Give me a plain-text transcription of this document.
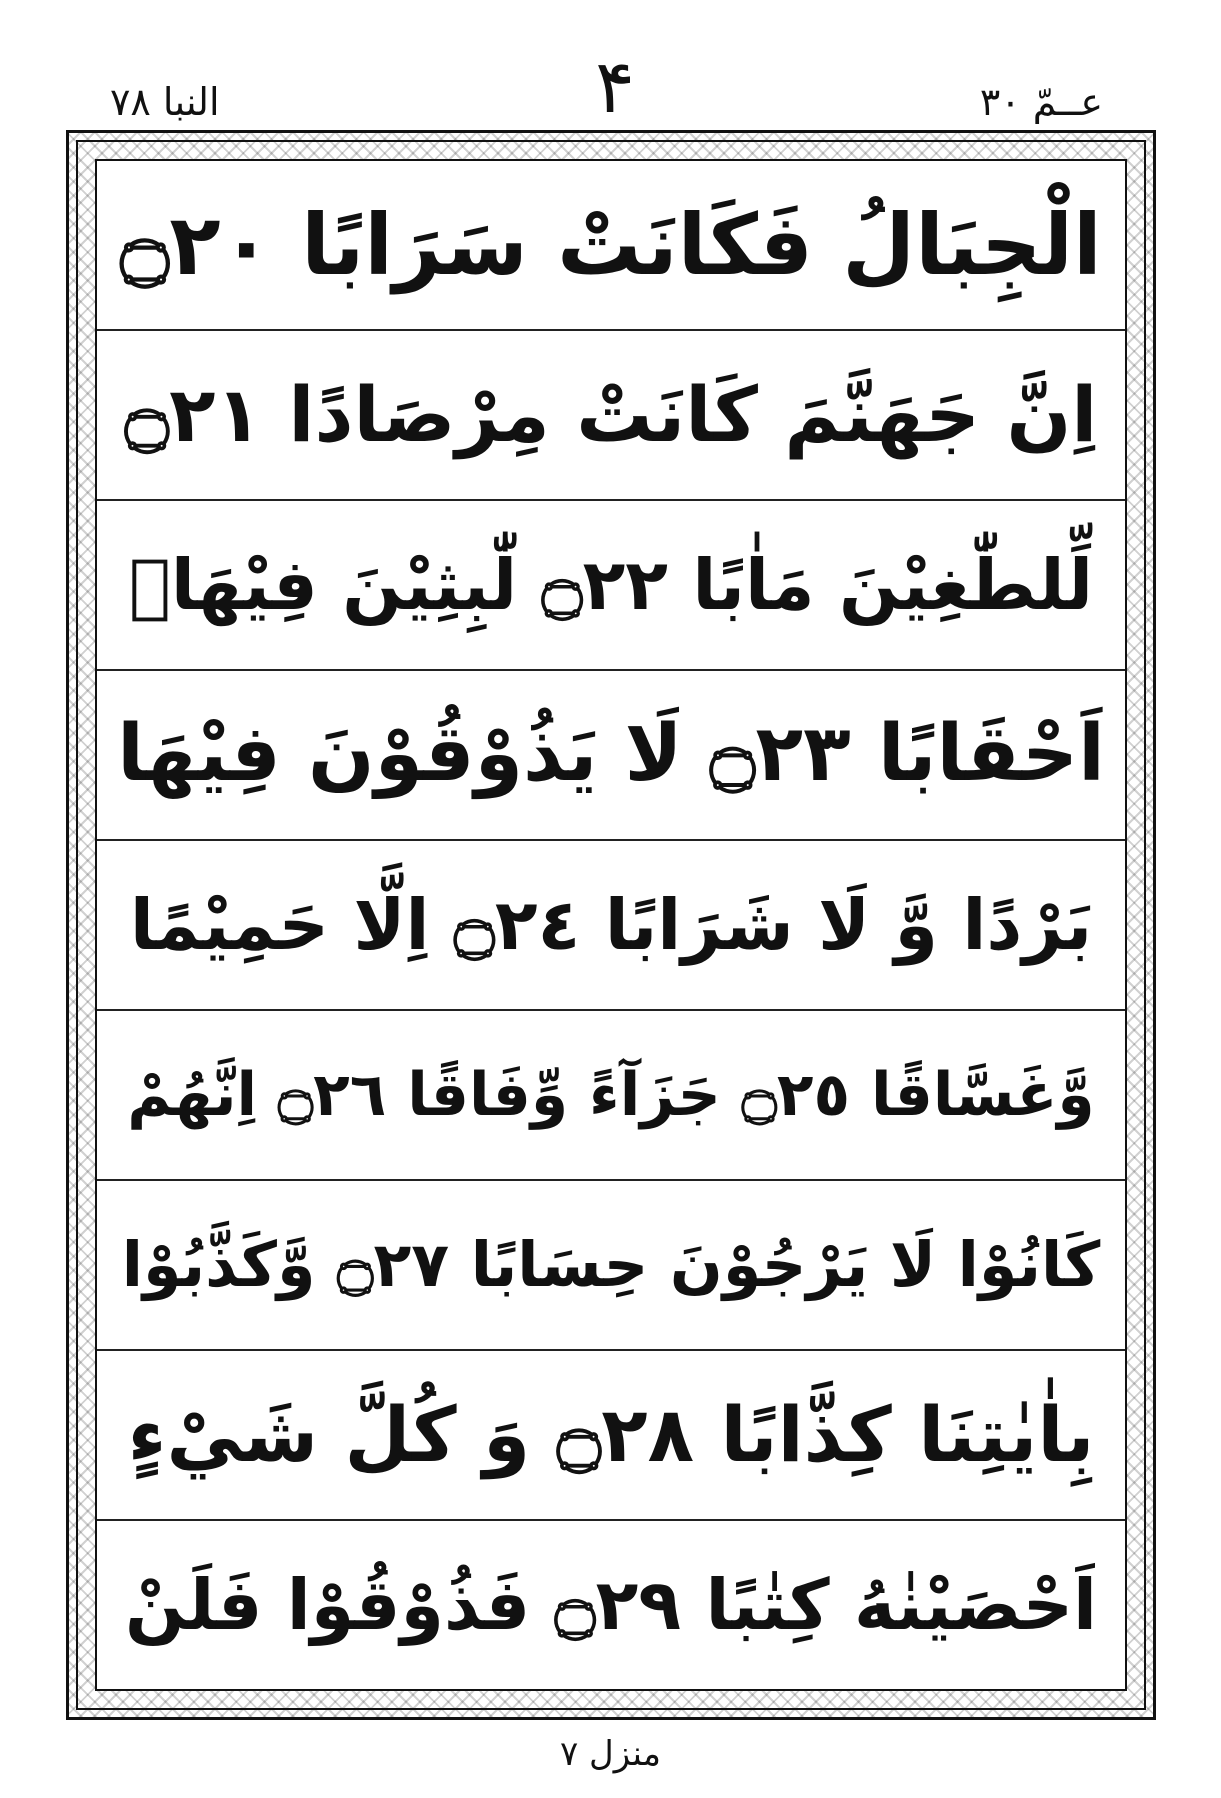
النبا ٧٨	۴	عــمّ ٣٠
الْجِبَالُ فَكَانَتْ سَرَابًا ۝٢٠
اِنَّ جَهَنَّمَ كَانَتْ مِرْصَادًا ۝٢١
لِّلطّٰغِيْنَ مَاٰبًا ۝٢٢ لّٰبِثِيْنَ فِيْهَاۤ
اَحْقَابًا ۝٢٣ لَا يَذُوْقُوْنَ فِيْهَا
بَرْدًا وَّ لَا شَرَابًا ۝٢٤ اِلَّا حَمِيْمًا
وَّغَسَّاقًا ۝٢٥ جَزَآءً وِّفَاقًا ۝٢٦ اِنَّهُمْ
كَانُوْا لَا يَرْجُوْنَ حِسَابًا ۝٢٧ وَّكَذَّبُوْا
بِاٰيٰتِنَا كِذَّابًا ۝٢٨ وَ كُلَّ شَيْءٍ
اَحْصَيْنٰهُ كِتٰبًا ۝٢٩ فَذُوْقُوْا فَلَنْ
منزل ٧
